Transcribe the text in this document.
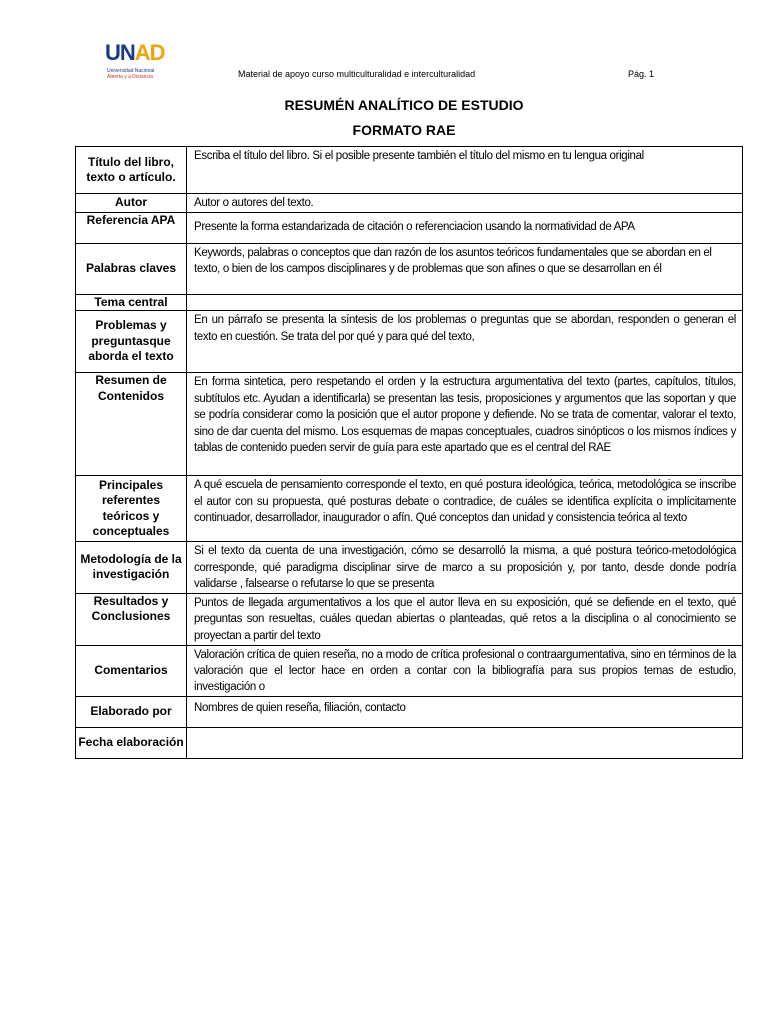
UNAD
Universidad Nacional
Abierta y a Distancia	Material de apoyo curso multiculturalidad e interculturalidad	Pág. 1
RESUMÉN ANALÍTICO DE ESTUDIO
FORMATO RAE
Título del libro, texto o artículo.	Escriba el título del libro. Si el posible presente también el título del mismo en tu lengua original
Autor	Autor o autores del texto.
Referencia APA	Presente la forma estandarizada de citación o referenciacion usando la normatividad de APA
Palabras claves	Keywords, palabras o conceptos que dan razón de los asuntos teóricos fundamentales que se abordan en el texto, o bien de los campos disciplinares y de problemas que son afines o que se desarrollan en él
Tema central	
Problemas y preguntasque aborda el texto	En un párrafo se presenta la síntesis de los problemas o preguntas que se abordan, responden o generan el texto en cuestión. Se trata del por qué y para qué del texto,
Resumen de Contenidos	En forma sintetica, pero respetando el orden y la estructura argumentativa del texto (partes, capítulos, títulos, subtítulos etc. Ayudan a identificarla) se presentan las tesis, proposiciones y argumentos que las soportan y que se podría considerar como la posición que el autor propone y defiende. No se trata de comentar, valorar el texto, sino de dar cuenta del mismo. Los esquemas de mapas conceptuales, cuadros sinópticos o los mismos índices y tablas de contenido pueden servir de guía para este apartado que es el central del RAE
Principales referentes teóricos y conceptuales	A qué escuela de pensamiento corresponde el texto, en qué postura ideológica, teórica, metodológica se inscribe el autor con su propuesta, qué posturas debate o contradice, de cuáles se identifica explícita o implícitamente continuador, desarrollador, inaugurador o afín. Qué conceptos dan unidad y consistencia teórica al texto
Metodología de la investigación	Si el texto da cuenta de una investigación, cómo se desarrolló la misma, a qué postura teórico-metodológica corresponde, qué paradigma disciplinar sirve de marco a su proposición y, por tanto, desde donde podría validarse , falsearse o refutarse lo que se presenta
Resultados y Conclusiones	Puntos de llegada argumentativos a los que el autor lleva en su exposición, qué se defiende en el texto, qué preguntas son resueltas, cuáles quedan abiertas o planteadas, qué retos a la disciplina o al conocimiento se proyectan a partir del texto
Comentarios	Valoración crítica de quien reseña, no a modo de crítica profesional o contraargumentativa, sino en términos de la valoración que el lector hace en orden a contar con la bibliografía para sus propios temas de estudio, investigación o
Elaborado por	Nombres de quien reseña, filiación, contacto
Fecha elaboración	
